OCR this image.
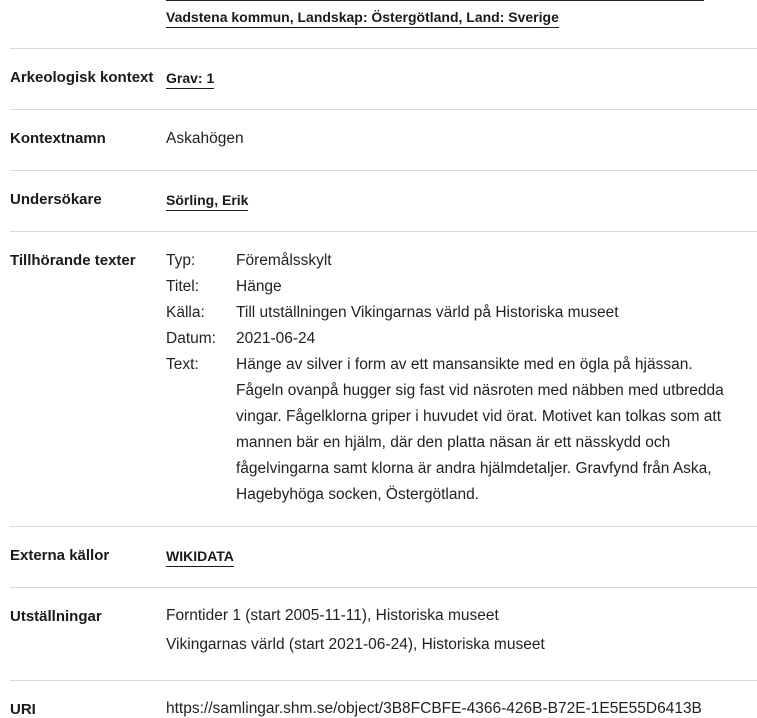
Vadstena kommun, Landskap: Östergötland, Land: Sverige
Arkeologisk kontext Grav: 1
Kontextnamn	Askahögen
Undersökare	Sörling, Erik
Tillhörande texter Typ:	Föremålsskylt
Titel:	Hänge
Källa:	Till utställningen Vikingarnas värld på Historiska museet
Datum:	2021-06-24
Text:	Hänge av silver i form av ett mansansikte med en ögla på hjässan. Fågeln ovanpå hugger sig fast vid näsroten med näbben med utbredda vingar. Fågelklorna griper i huvudet vid örat. Motivet kan tolkas som att mannen bär en hjälm, där den platta näsan är ett nässkydd och fågelvingarna samt klorna är andra hjälmdetaljer. Gravfynd från Aska, Hagebyhöga socken, Östergötland.
Externa källor	WIKIDATA
Utställningar	Forntider 1 (start 2005-11-11), Historiska museet
Vikingarnas värld (start 2021-06-24), Historiska museet
URI	https://samlingar.shm.se/object/3B8FCBFE-4366-426B-B72E-1E5E55D6413B
